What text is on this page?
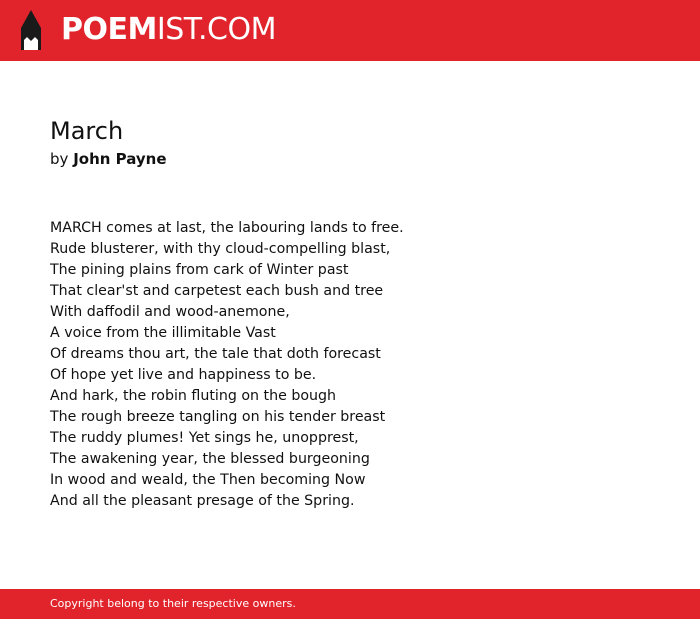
POEMIST.COM
March
by John Payne
MARCH comes at last, the labouring lands to free.
Rude blusterer, with thy cloud-compelling blast,
The pining plains from cark of Winter past
That clear'st and carpetest each bush and tree
With daffodil and wood-anemone,
A voice from the illimitable Vast
Of dreams thou art, the tale that doth forecast
Of hope yet live and happiness to be.
And hark, the robin fluting on the bough
The rough breeze tangling on his tender breast
The ruddy plumes! Yet sings he, unopprest,
The awakening year, the blessed burgeoning
In wood and weald, the Then becoming Now
And all the pleasant presage of the Spring.
Copyright belong to their respective owners.
